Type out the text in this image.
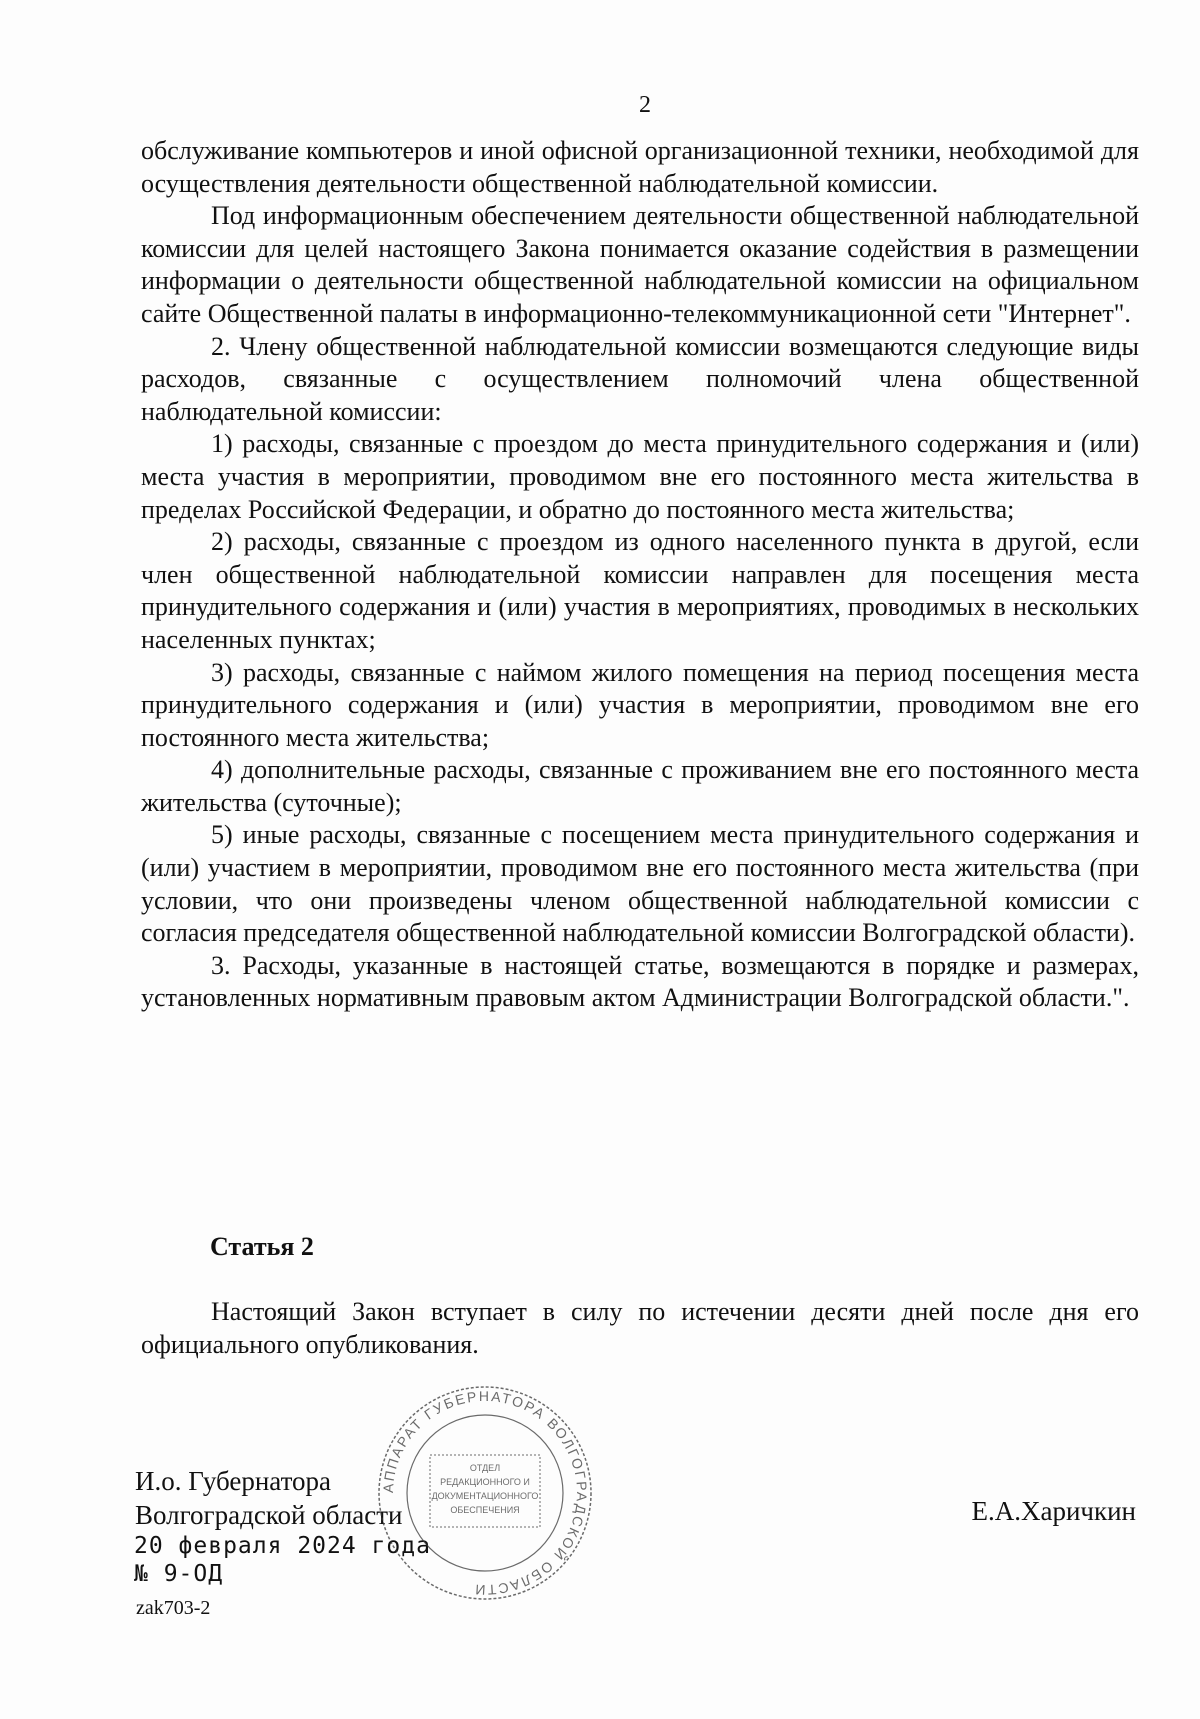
2

обслуживание компьютеров и иной офисной организационной техники, необходимой для осуществления деятельности общественной наблюдательной комиссии.

Под информационным обеспечением деятельности общественной наблюдательной комиссии для целей настоящего Закона понимается оказание содействия в размещении информации о деятельности общественной наблюдательной комиссии на официальном сайте Общественной палаты в информационно-телекоммуникационной сети "Интернет".

2. Члену общественной наблюдательной комиссии возмещаются следующие виды расходов, связанные с осуществлением полномочий члена общественной наблюдательной комиссии:

1) расходы, связанные с проездом до места принудительного содержания и (или) места участия в мероприятии, проводимом вне его постоянного места жительства в пределах Российской Федерации, и обратно до постоянного места жительства;

2) расходы, связанные с проездом из одного населенного пункта в другой, если член общественной наблюдательной комиссии направлен для посещения места принудительного содержания и (или) участия в мероприятиях, проводимых в нескольких населенных пунктах;

3) расходы, связанные с наймом жилого помещения на период посещения места принудительного содержания и (или) участия в мероприятии, проводимом вне его постоянного места жительства;

4) дополнительные расходы, связанные с проживанием вне его постоянного места жительства (суточные);

5) иные расходы, связанные с посещением места принудительного содержания и (или) участием в мероприятии, проводимом вне его постоянного места жительства (при условии, что они произведены членом общественной наблюдательной комиссии с согласия председателя общественной наблюдательной комиссии Волгоградской области).

3. Расходы, указанные в настоящей статье, возмещаются в порядке и размерах, установленных нормативным правовым актом Администрации Волгоградской области.".

Статья 2
Настоящий Закон вступает в силу по истечении десяти дней после дня его официального опубликования.
И.о. Губернатора
Волгоградской области	Е.А.Харичкин
20 февраля 2024 года
№ 9-ОД
zak703-2
АППАРАТ ГУБЕРНАТОРА ВОЛГОГРАДСКОЙ ОБЛАСТИ
ОТДЕЛ
РЕДАКЦИОННОГО И
ДОКУМЕНТАЦИОННОГО
ОБЕСПЕЧЕНИЯ
